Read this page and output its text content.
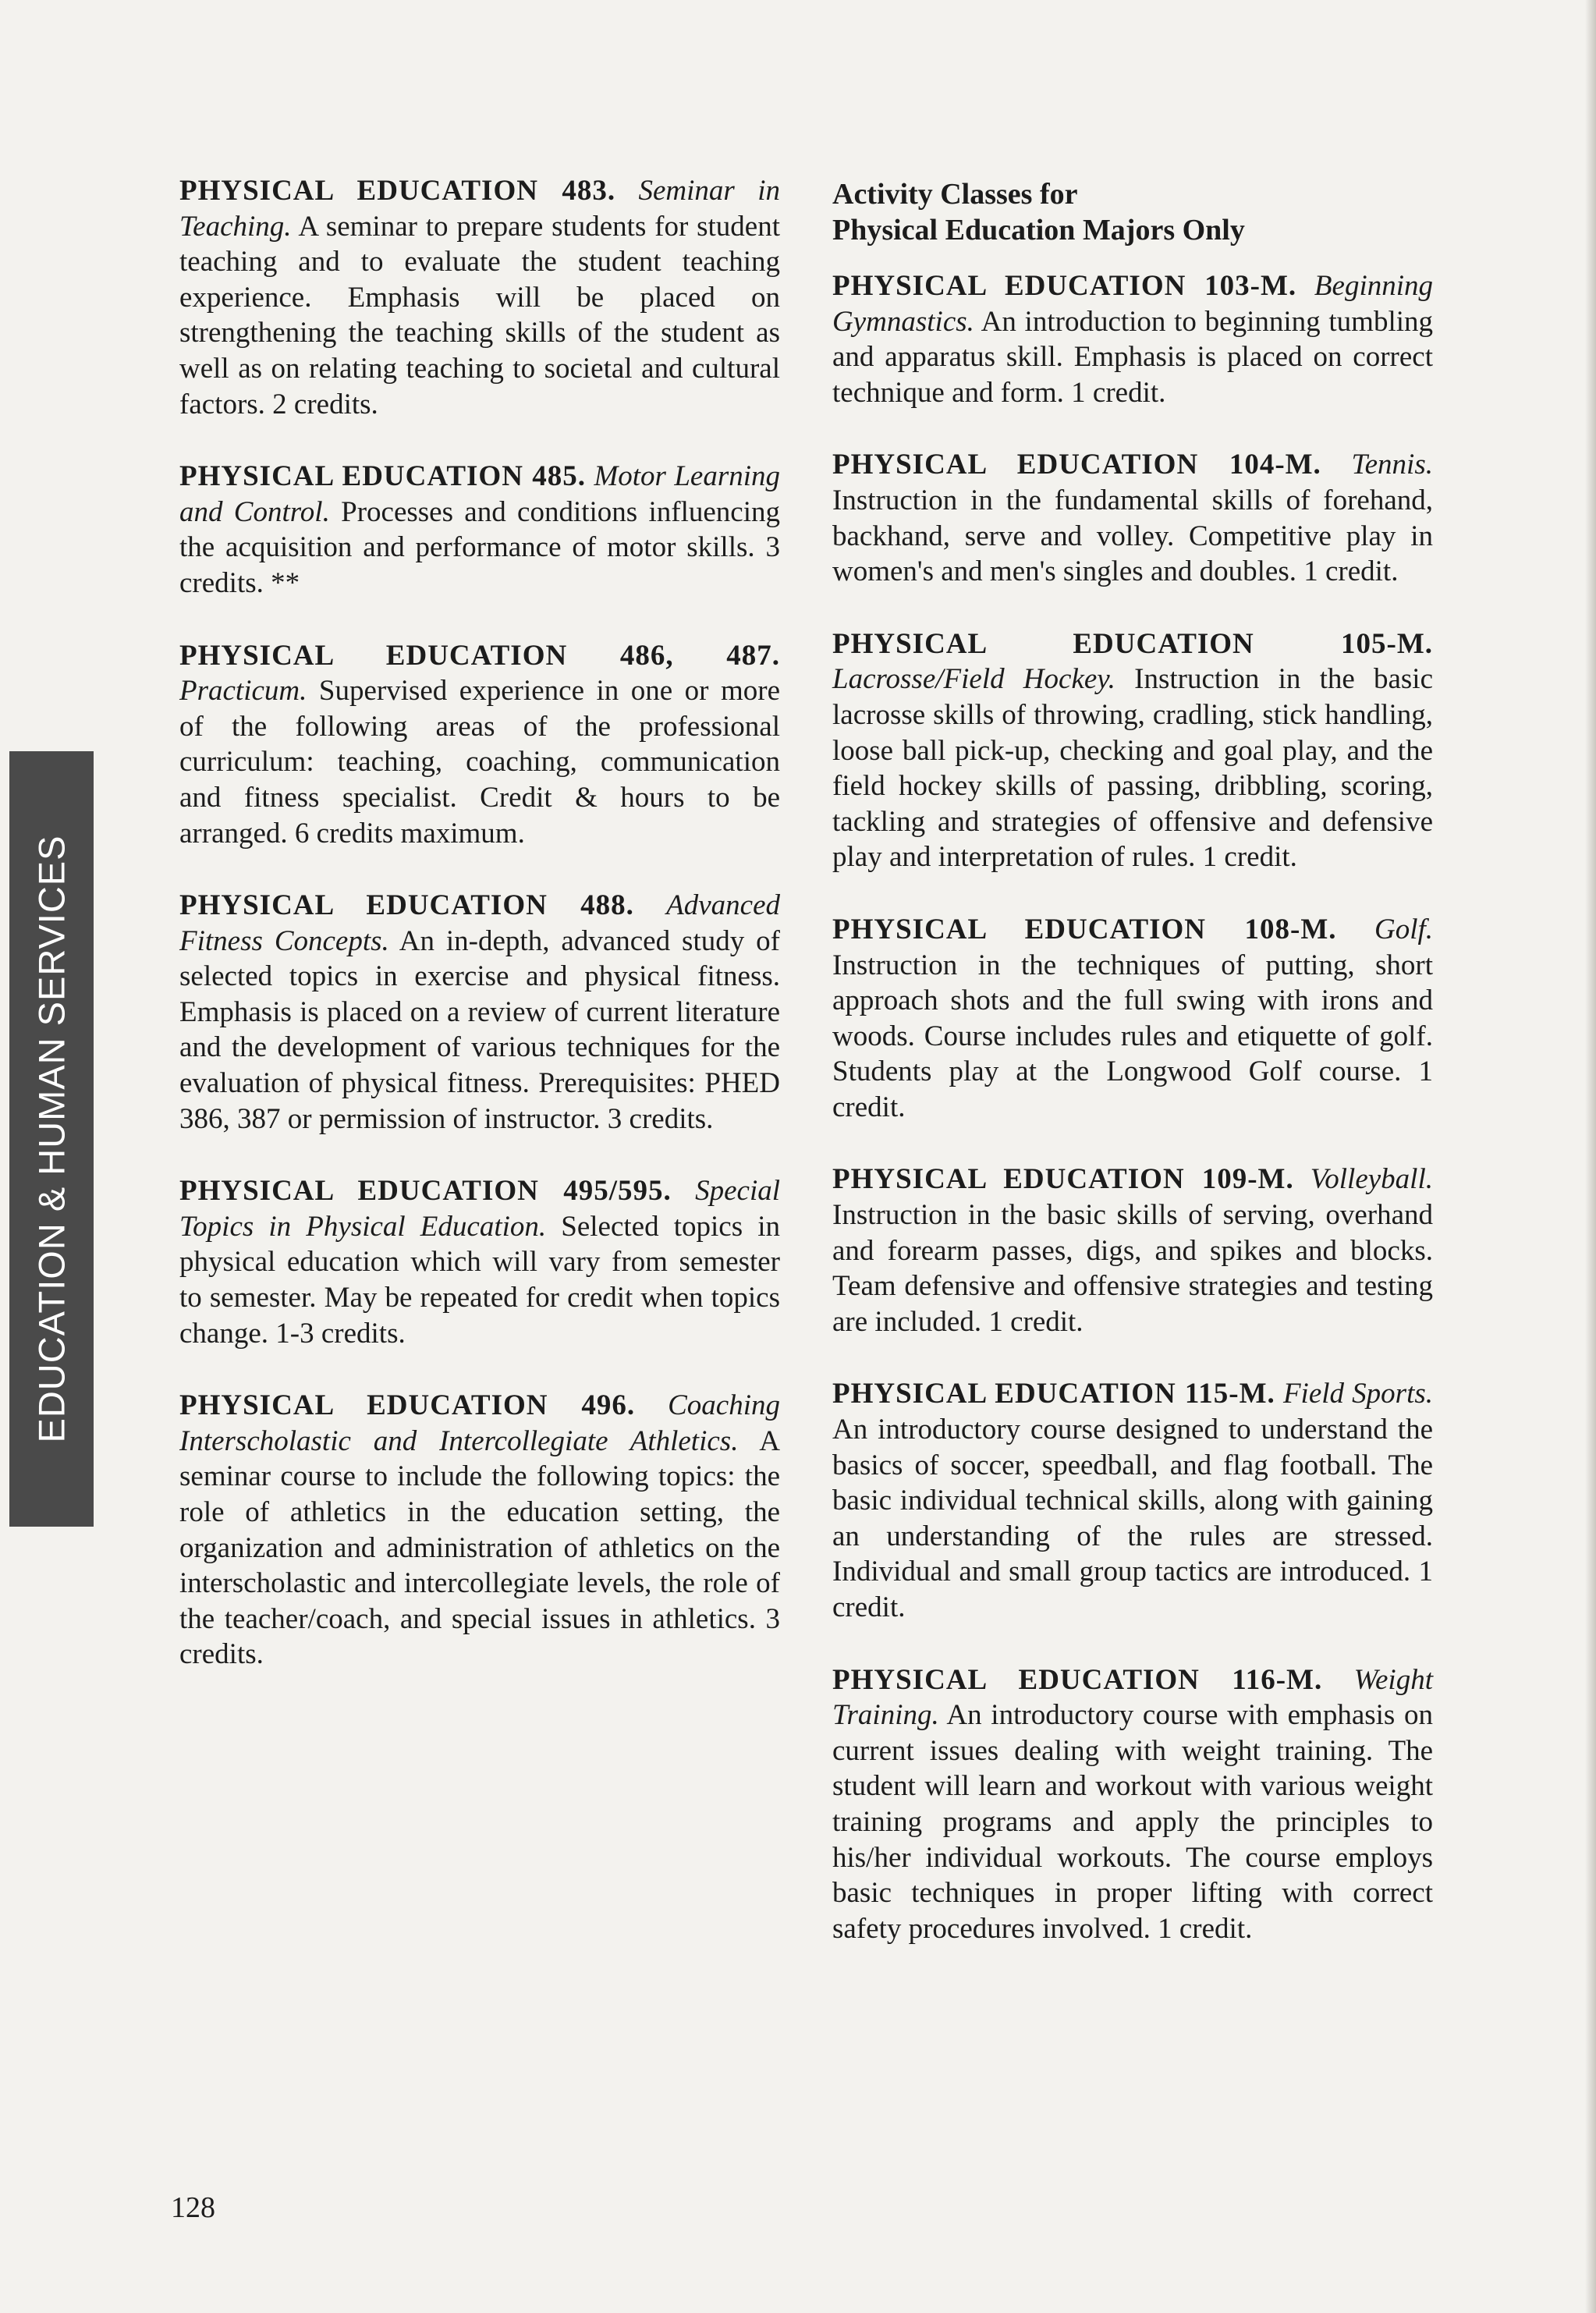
EDUCATION & HUMAN SERVICES

PHYSICAL EDUCATION 483. Seminar in Teaching. A seminar to prepare students for student teaching and to evaluate the student teaching experience. Emphasis will be placed on strengthening the teaching skills of the student as well as on relating teaching to societal and cultural factors. 2 credits.

PHYSICAL EDUCATION 485. Motor Learning and Control. Processes and conditions influencing the acquisition and performance of motor skills. 3 credits. **

PHYSICAL EDUCATION 486, 487. Practicum. Supervised experience in one or more of the following areas of the professional curriculum: teaching, coaching, communication and fitness specialist. Credit & hours to be arranged. 6 credits maximum.

PHYSICAL EDUCATION 488. Advanced Fitness Concepts. An in-depth, advanced study of selected topics in exercise and physical fitness. Emphasis is placed on a review of current literature and the development of various techniques for the evaluation of physical fitness. Prerequisites: PHED 386, 387 or permission of instructor. 3 credits.

PHYSICAL EDUCATION 495/595. Special Topics in Physical Education. Selected topics in physical education which will vary from semester to semester. May be repeated for credit when topics change. 1-3 credits.

PHYSICAL EDUCATION 496. Coaching Interscholastic and Intercollegiate Athletics. A seminar course to include the following topics: the role of athletics in the education setting, the organization and administration of athletics on the interscholastic and intercollegiate levels, the role of the teacher/coach, and special issues in athletics. 3 credits.

Activity Classes for
Physical Education Majors Only

PHYSICAL EDUCATION 103-M. Beginning Gymnastics. An introduction to beginning tumbling and apparatus skill. Emphasis is placed on correct technique and form. 1 credit.

PHYSICAL EDUCATION 104-M. Tennis. Instruction in the fundamental skills of forehand, backhand, serve and volley. Competitive play in women's and men's singles and doubles. 1 credit.

PHYSICAL EDUCATION 105-M. Lacrosse/Field Hockey. Instruction in the basic lacrosse skills of throwing, cradling, stick handling, loose ball pick-up, checking and goal play, and the field hockey skills of passing, dribbling, scoring, tackling and strategies of offensive and defensive play and interpretation of rules. 1 credit.

PHYSICAL EDUCATION 108-M. Golf. Instruction in the techniques of putting, short approach shots and the full swing with irons and woods. Course includes rules and etiquette of golf. Students play at the Longwood Golf course. 1 credit.

PHYSICAL EDUCATION 109-M. Volleyball. Instruction in the basic skills of serving, overhand and forearm passes, digs, and spikes and blocks. Team defensive and offensive strategies and testing are included. 1 credit.

PHYSICAL EDUCATION 115-M. Field Sports. An introductory course designed to understand the basics of soccer, speedball, and flag football. The basic individual technical skills, along with gaining an understanding of the rules are stressed. Individual and small group tactics are introduced. 1 credit.

PHYSICAL EDUCATION 116-M. Weight Training. An introductory course with emphasis on current issues dealing with weight training. The student will learn and workout with various weight training programs and apply the principles to his/her individual workouts. The course employs basic techniques in proper lifting with correct safety procedures involved. 1 credit.

128
